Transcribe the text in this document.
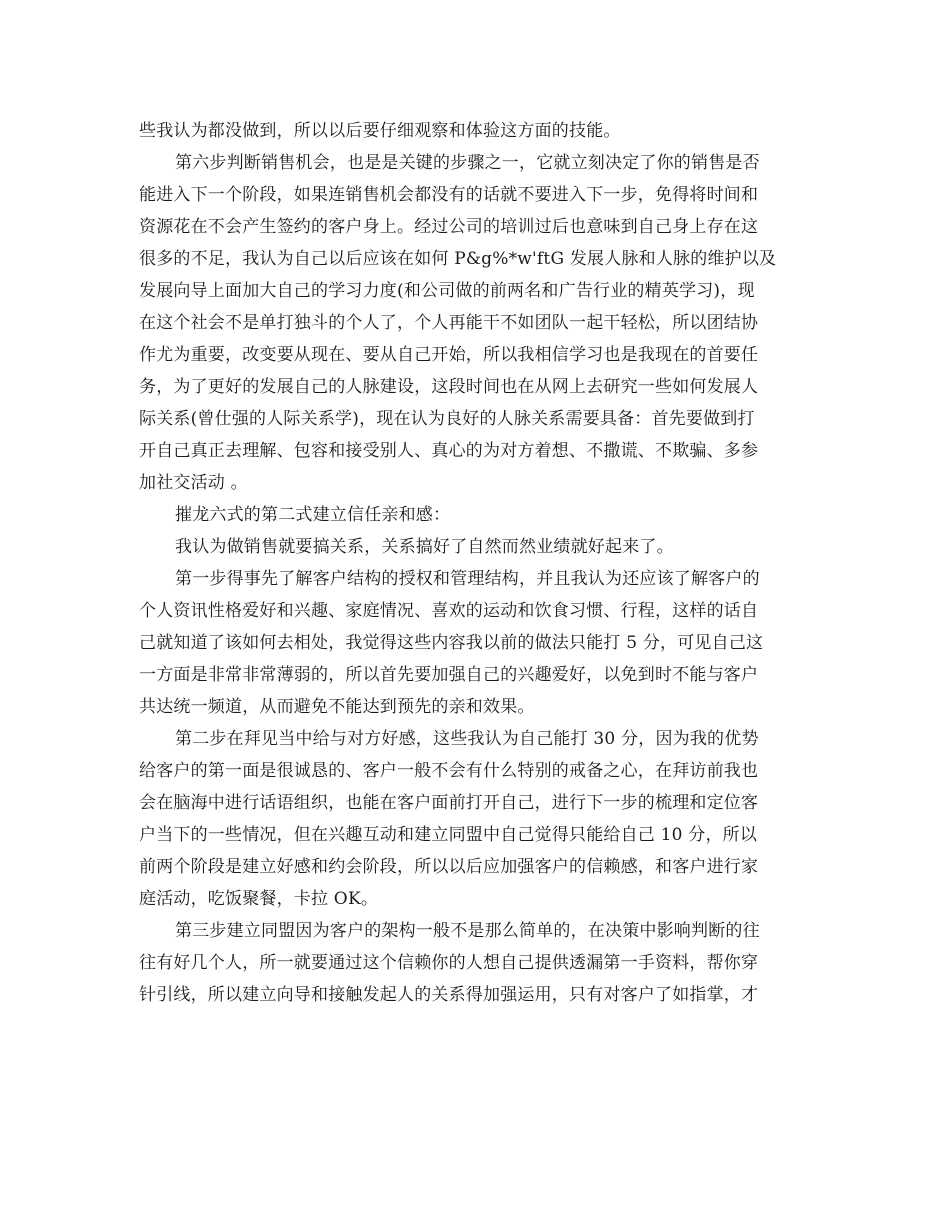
些我认为都没做到，所以以后要仔细观察和体验这方面的技能。
第六步判断销售机会，也是是关键的步骤之一，它就立刻决定了你的销售是否
能进入下一个阶段，如果连销售机会都没有的话就不要进入下一步，免得将时间和
资源花在不会产生签约的客户身上。经过公司的培训过后也意味到自己身上存在这
很多的不足，我认为自己以后应该在如何 P&g%*w'ftG 发展人脉和人脉的维护以及
发展向导上面加大自己的学习力度(和公司做的前两名和广告行业的精英学习)，现
在这个社会不是单打独斗的个人了，个人再能干不如团队一起干轻松，所以团结协
作尤为重要，改变要从现在、要从自己开始，所以我相信学习也是我现在的首要任
务，为了更好的发展自己的人脉建设，这段时间也在从网上去研究一些如何发展人
际关系(曾仕强的人际关系学)，现在认为良好的人脉关系需要具备：首先要做到打
开自己真正去理解、包容和接受别人、真心的为对方着想、不撒谎、不欺骗、多参
加社交活动 。
摧龙六式的第二式建立信任亲和感：
我认为做销售就要搞关系，关系搞好了自然而然业绩就好起来了。
第一步得事先了解客户结构的授权和管理结构，并且我认为还应该了解客户的
个人资讯性格爱好和兴趣、家庭情况、喜欢的运动和饮食习惯、行程，这样的话自
己就知道了该如何去相处，我觉得这些内容我以前的做法只能打 5 分，可见自己这
一方面是非常非常薄弱的，所以首先要加强自己的兴趣爱好，以免到时不能与客户
共达统一频道，从而避免不能达到预先的亲和效果。
第二步在拜见当中给与对方好感，这些我认为自己能打 30 分，因为我的优势
给客户的第一面是很诚恳的、客户一般不会有什么特别的戒备之心，在拜访前我也
会在脑海中进行话语组织，也能在客户面前打开自己，进行下一步的梳理和定位客
户当下的一些情况，但在兴趣互动和建立同盟中自己觉得只能给自己 10 分，所以
前两个阶段是建立好感和约会阶段，所以以后应加强客户的信赖感，和客户进行家
庭活动，吃饭聚餐，卡拉 OK。
第三步建立同盟因为客户的架构一般不是那么简单的，在决策中影响判断的往
往有好几个人，所一就要通过这个信赖你的人想自己提供透漏第一手资料，帮你穿
针引线，所以建立向导和接触发起人的关系得加强运用，只有对客户了如指掌，才
